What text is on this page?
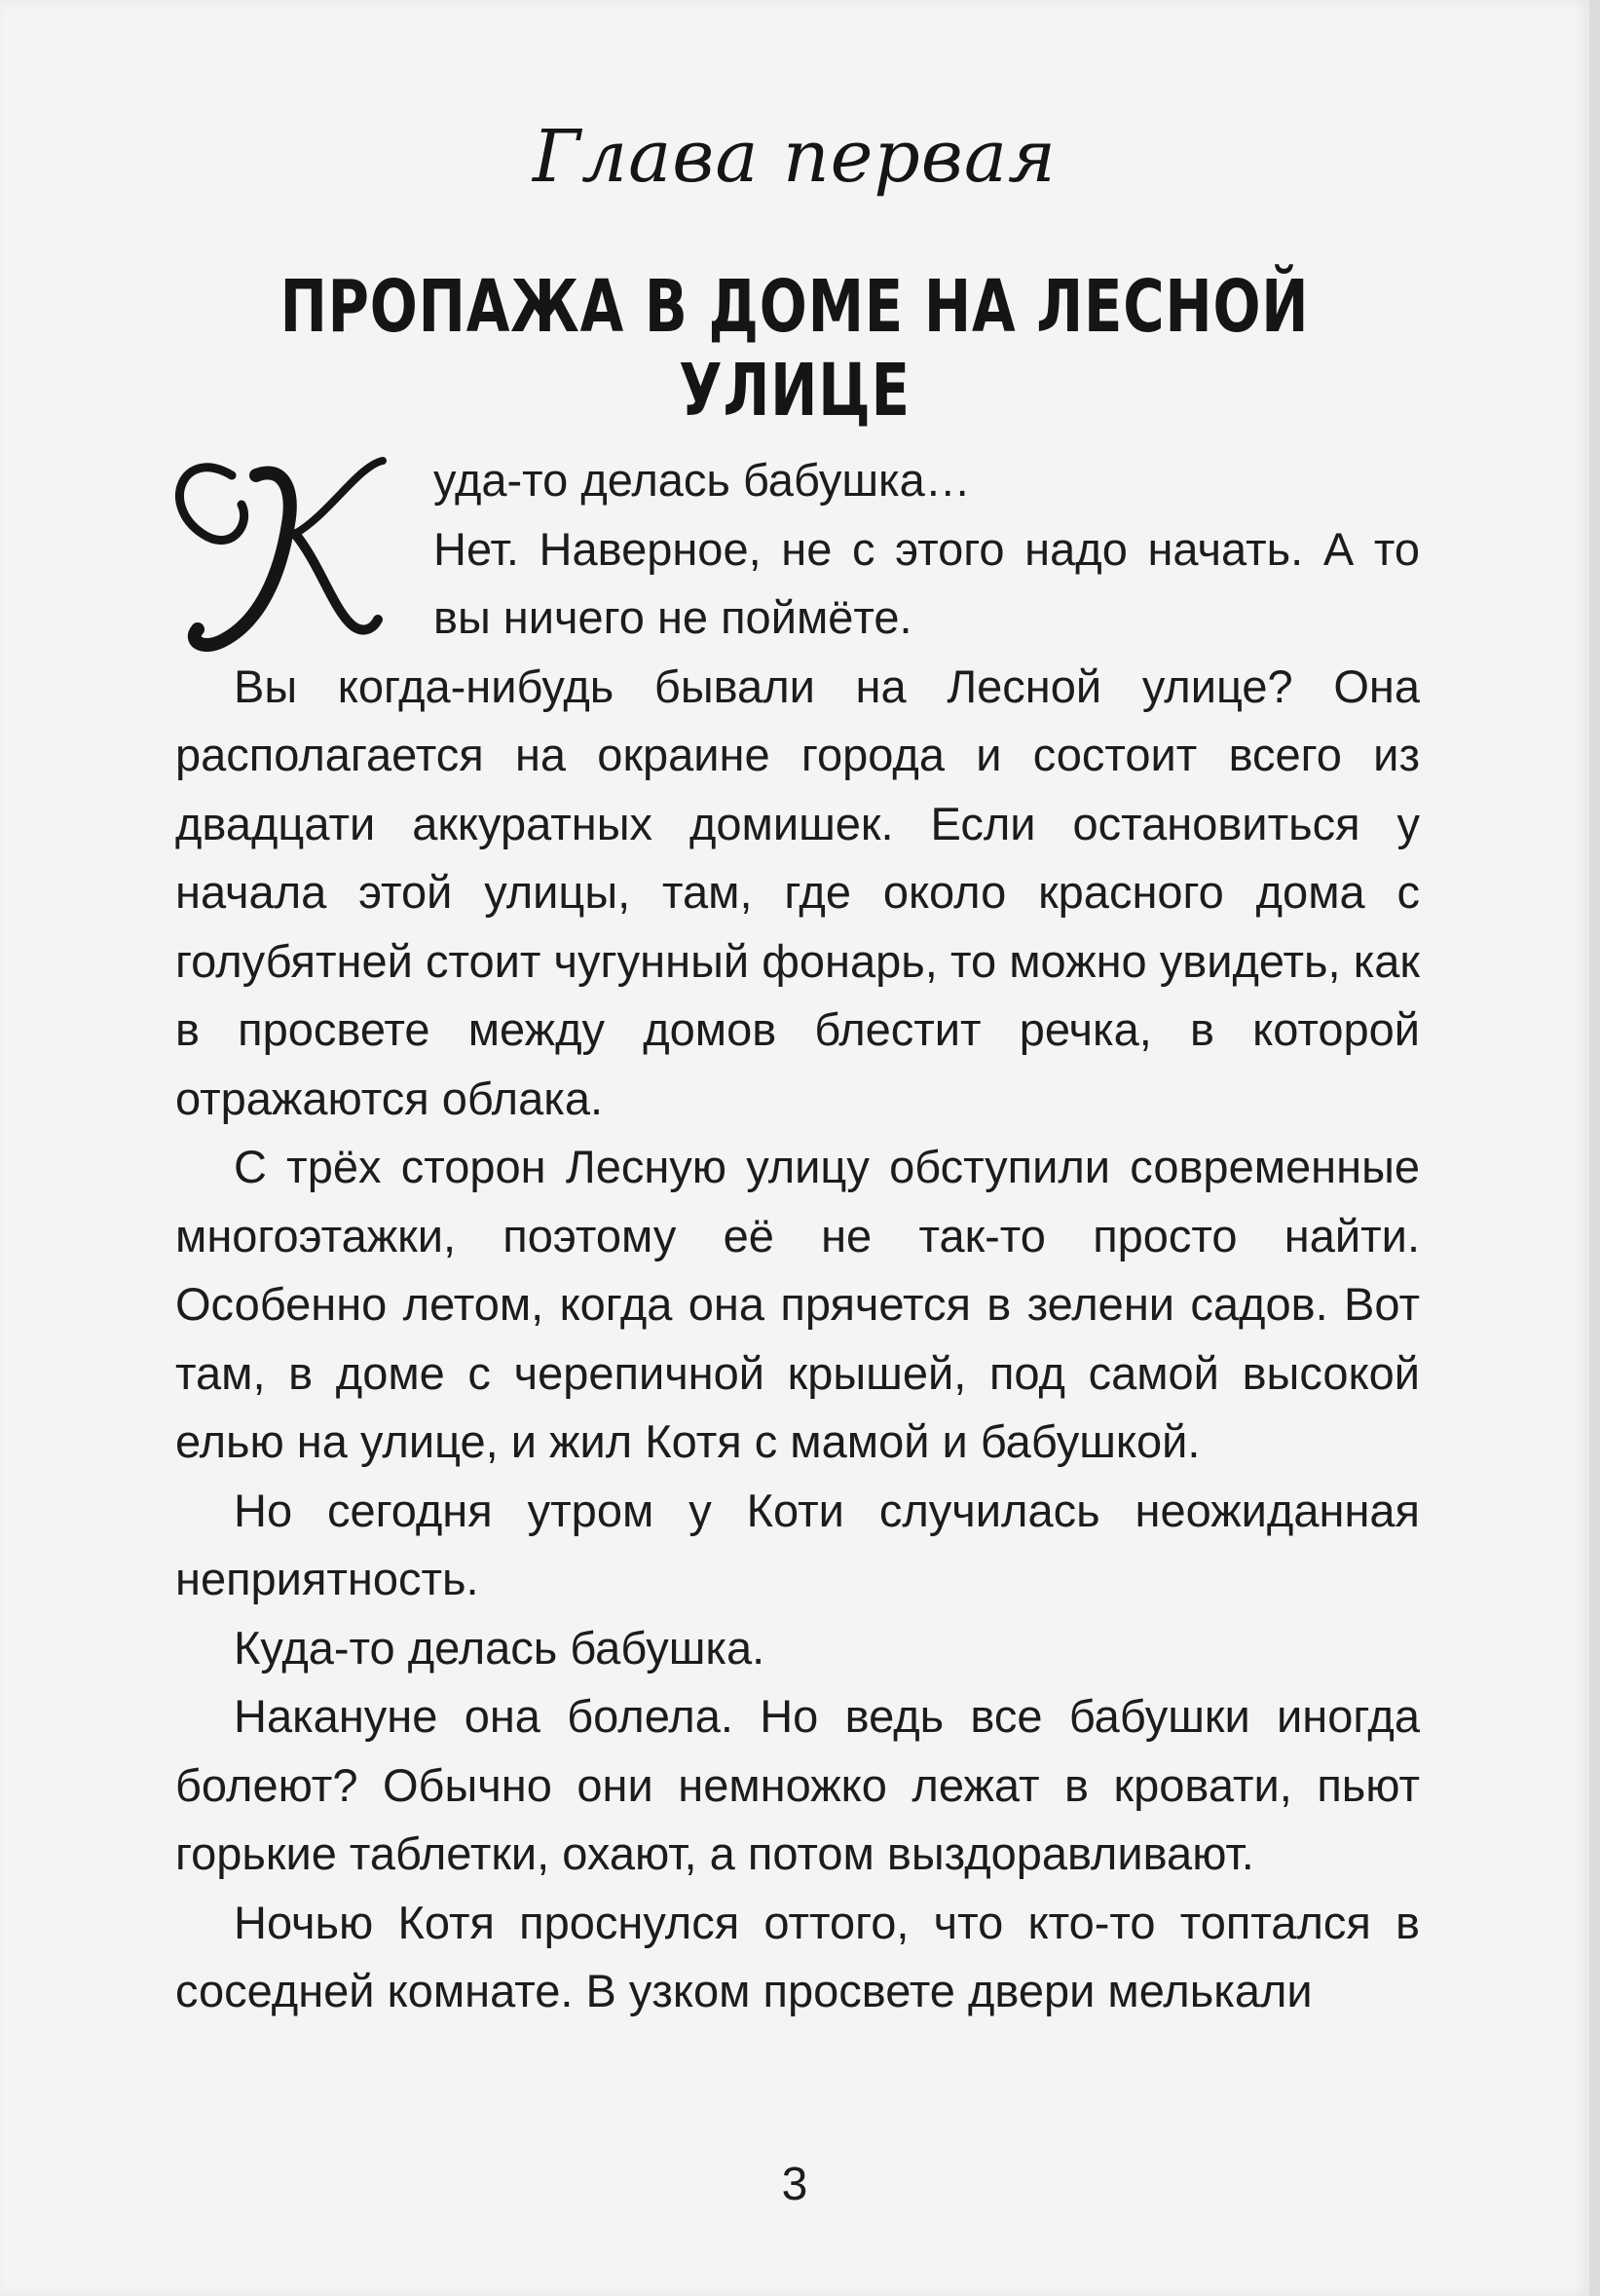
Глава первая
ПРОПАЖА В ДОМЕ НА ЛЕСНОЙ УЛИЦЕ

уда-то делась бабушка…

Нет. Наверное, не с этого надо начать. А то вы ничего не поймёте.

Вы когда-нибудь бывали на Лесной улице? Она располагается на окраине города и состоит всего из двадцати аккуратных домишек. Если остановиться у начала этой улицы, там, где около красного дома с голубятней стоит чугунный фонарь, то можно увидеть, как в просвете между домов блестит речка, в которой отражаются облака.

С трёх сторон Лесную улицу обступили современные многоэтажки, поэтому её не так-то просто найти. Особенно летом, когда она прячется в зелени садов. Вот там, в доме с черепичной крышей, под самой высокой елью на улице, и жил Котя с мамой и бабушкой.

Но сегодня утром у Коти случилась неожиданная неприятность.

Куда-то делась бабушка.

Накануне она болела. Но ведь все бабушки иногда болеют? Обычно они немножко лежат в кровати, пьют горькие таблетки, охают, а потом выздоравливают.

Ночью Котя проснулся оттого, что кто-то топтался в соседней комнате. В узком просвете двери мелькали

3
